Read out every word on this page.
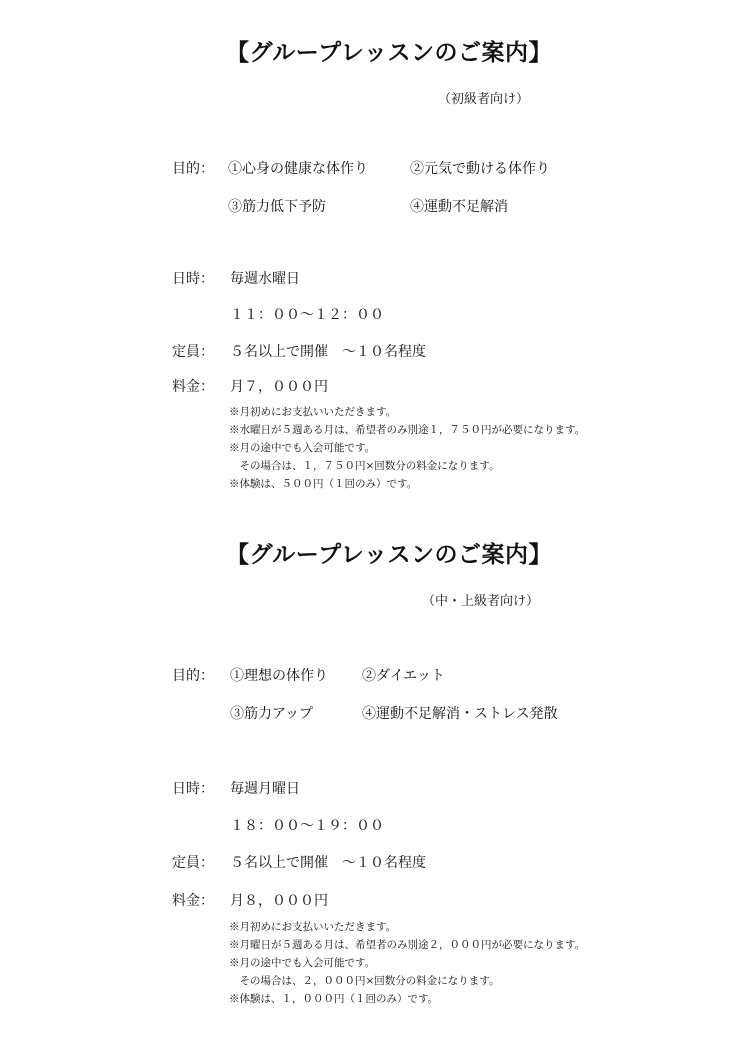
【グループレッスンのご案内】
（初級者向け）
目的： ①心身の健康な体作り	②元気で動ける体作り
③筋力低下予防	④運動不足解消
日時： 毎週水曜日
１１：００〜１２：００
定員： ５名以上で開催　〜１０名程度
料金： 月７，０００円
※月初めにお支払いいただきます。
※水曜日が５週ある月は、希望者のみ別途１，７５０円が必要になります。
※月の途中でも入会可能です。
　その場合は、１，７５０円×回数分の料金になります。
※体験は、５００円（１回のみ）です。
【グループレッスンのご案内】
（中・上級者向け）
目的： ①理想の体作り ②ダイエット
③筋力アップ	④運動不足解消・ストレス発散
日時： 毎週月曜日
１８：００〜１９：００
定員： ５名以上で開催　〜１０名程度
料金： 月８，０００円
※月初めにお支払いいただきます。
※月曜日が５週ある月は、希望者のみ別途２，０００円が必要になります。
※月の途中でも入会可能です。
　その場合は、２，０００円×回数分の料金になります。
※体験は、１，０００円（１回のみ）です。
